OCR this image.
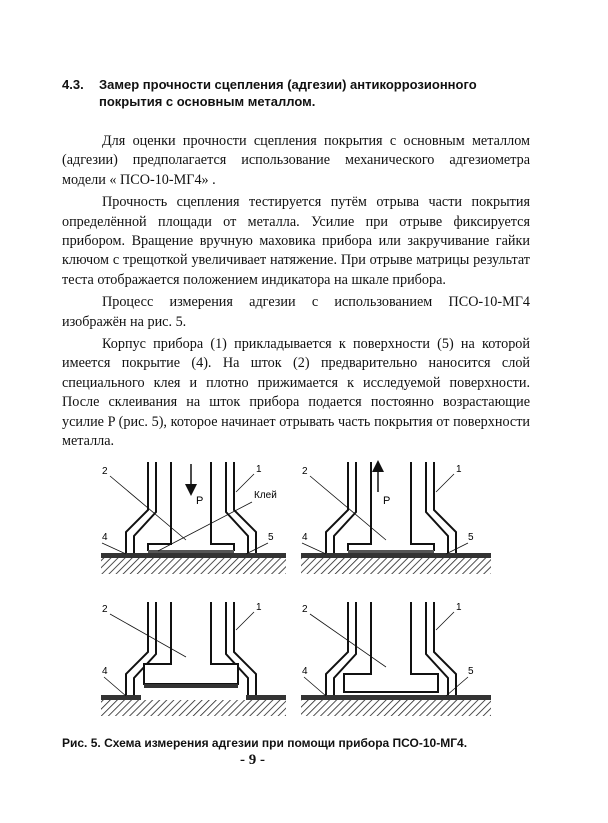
4.3. Замер прочности сцепления (адгезии) антикоррозионного
покрытия с основным металлом.

Для оценки прочности сцепления покрытия с основным металлом (адгезии) предполагается использование механического адгезиометра модели « ПСО-10-МГ4» .

Прочность сцепления тестируется путём отрыва части покрытия определённой площади от металла. Усилие при отрыве фиксируется прибором. Вращение вручную маховика прибора или закручивание гайки ключом с трещоткой увеличивает натяжение. При отрыве матрицы результат теста отображается положением индикатора на шкале прибора.

Процесс измерения адгезии с использованием ПСО-10-МГ4 изображён на рис. 5.

Корпус прибора (1) прикладывается к поверхности (5) на которой имеется покрытие (4). На шток (2) предварительно наносится слой специального клея и плотно прижимается к исследуемой поверхности. После склеивания на шток прибора подается постоянно возрастающие усилие P (рис. 5), которое начинает отрывать часть покрытия от поверхности металла.

P	Клей
2	1
4	5
P
2	1
4	5
2	1
4
2	1
4	5
Рис. 5. Схема измерения адгезии при помощи прибора ПСО-10-МГ4.
- 9 -
